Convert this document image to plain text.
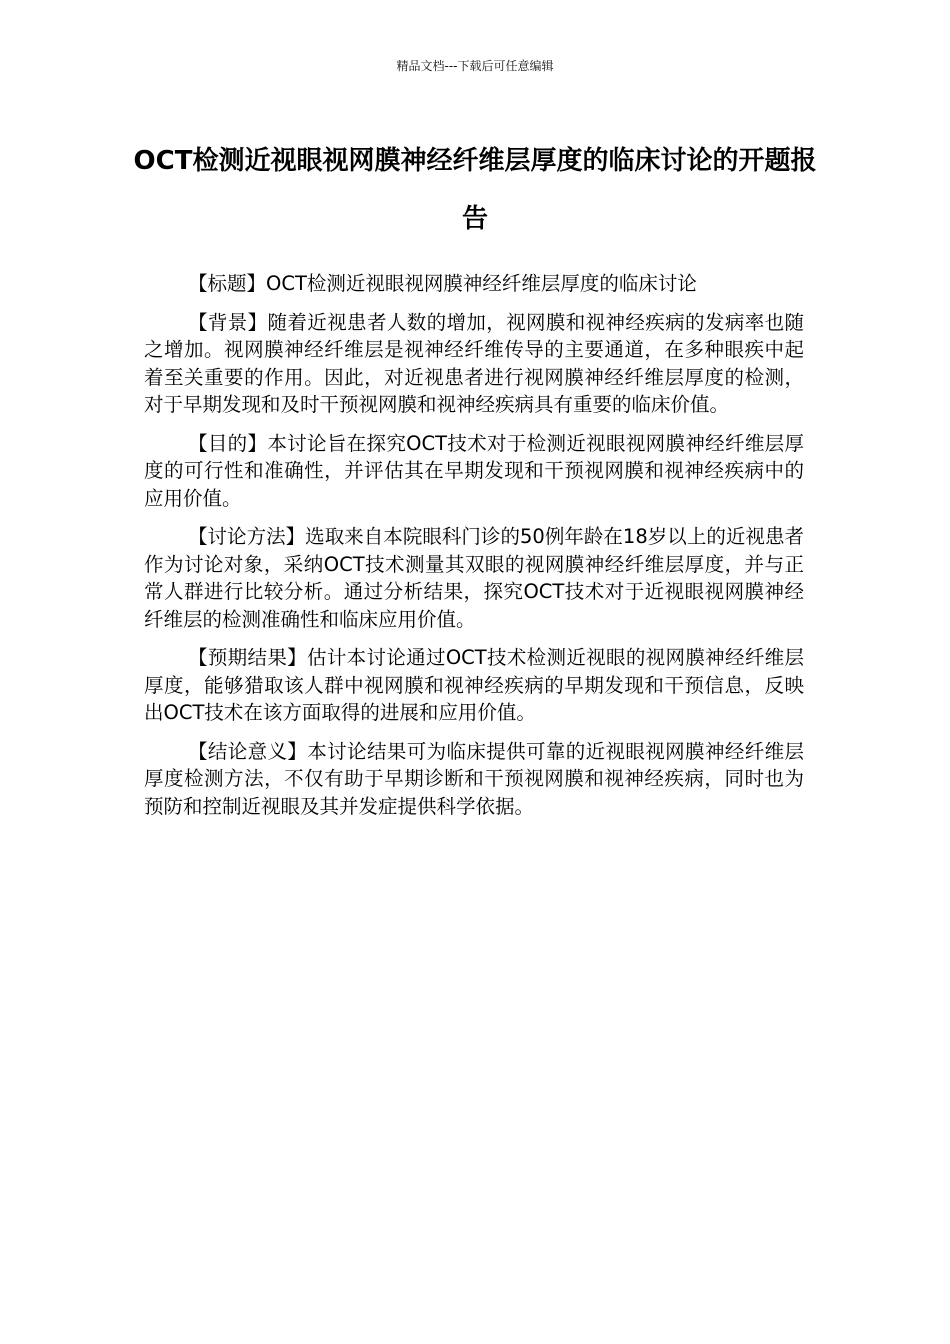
精品文档---下载后可任意编辑
OCT检测近视眼视网膜神经纤维层厚度的临床讨论的开题报告

【标题】OCT检测近视眼视网膜神经纤维层厚度的临床讨论

【背景】随着近视患者人数的增加，视网膜和视神经疾病的发病率也随之增加。视网膜神经纤维层是视神经纤维传导的主要通道，在多种眼疾中起着至关重要的作用。因此，对近视患者进行视网膜神经纤维层厚度的检测，对于早期发现和及时干预视网膜和视神经疾病具有重要的临床价值。

【目的】本讨论旨在探究OCT技术对于检测近视眼视网膜神经纤维层厚度的可行性和准确性，并评估其在早期发现和干预视网膜和视神经疾病中的应用价值。

【讨论方法】选取来自本院眼科门诊的50例年龄在18岁以上的近视患者作为讨论对象，采纳OCT技术测量其双眼的视网膜神经纤维层厚度，并与正常人群进行比较分析。通过分析结果，探究OCT技术对于近视眼视网膜神经纤维层的检测准确性和临床应用价值。

【预期结果】估计本讨论通过OCT技术检测近视眼的视网膜神经纤维层厚度，能够猎取该人群中视网膜和视神经疾病的早期发现和干预信息，反映出OCT技术在该方面取得的进展和应用价值。

【结论意义】本讨论结果可为临床提供可靠的近视眼视网膜神经纤维层厚度检测方法，不仅有助于早期诊断和干预视网膜和视神经疾病，同时也为预防和控制近视眼及其并发症提供科学依据。
